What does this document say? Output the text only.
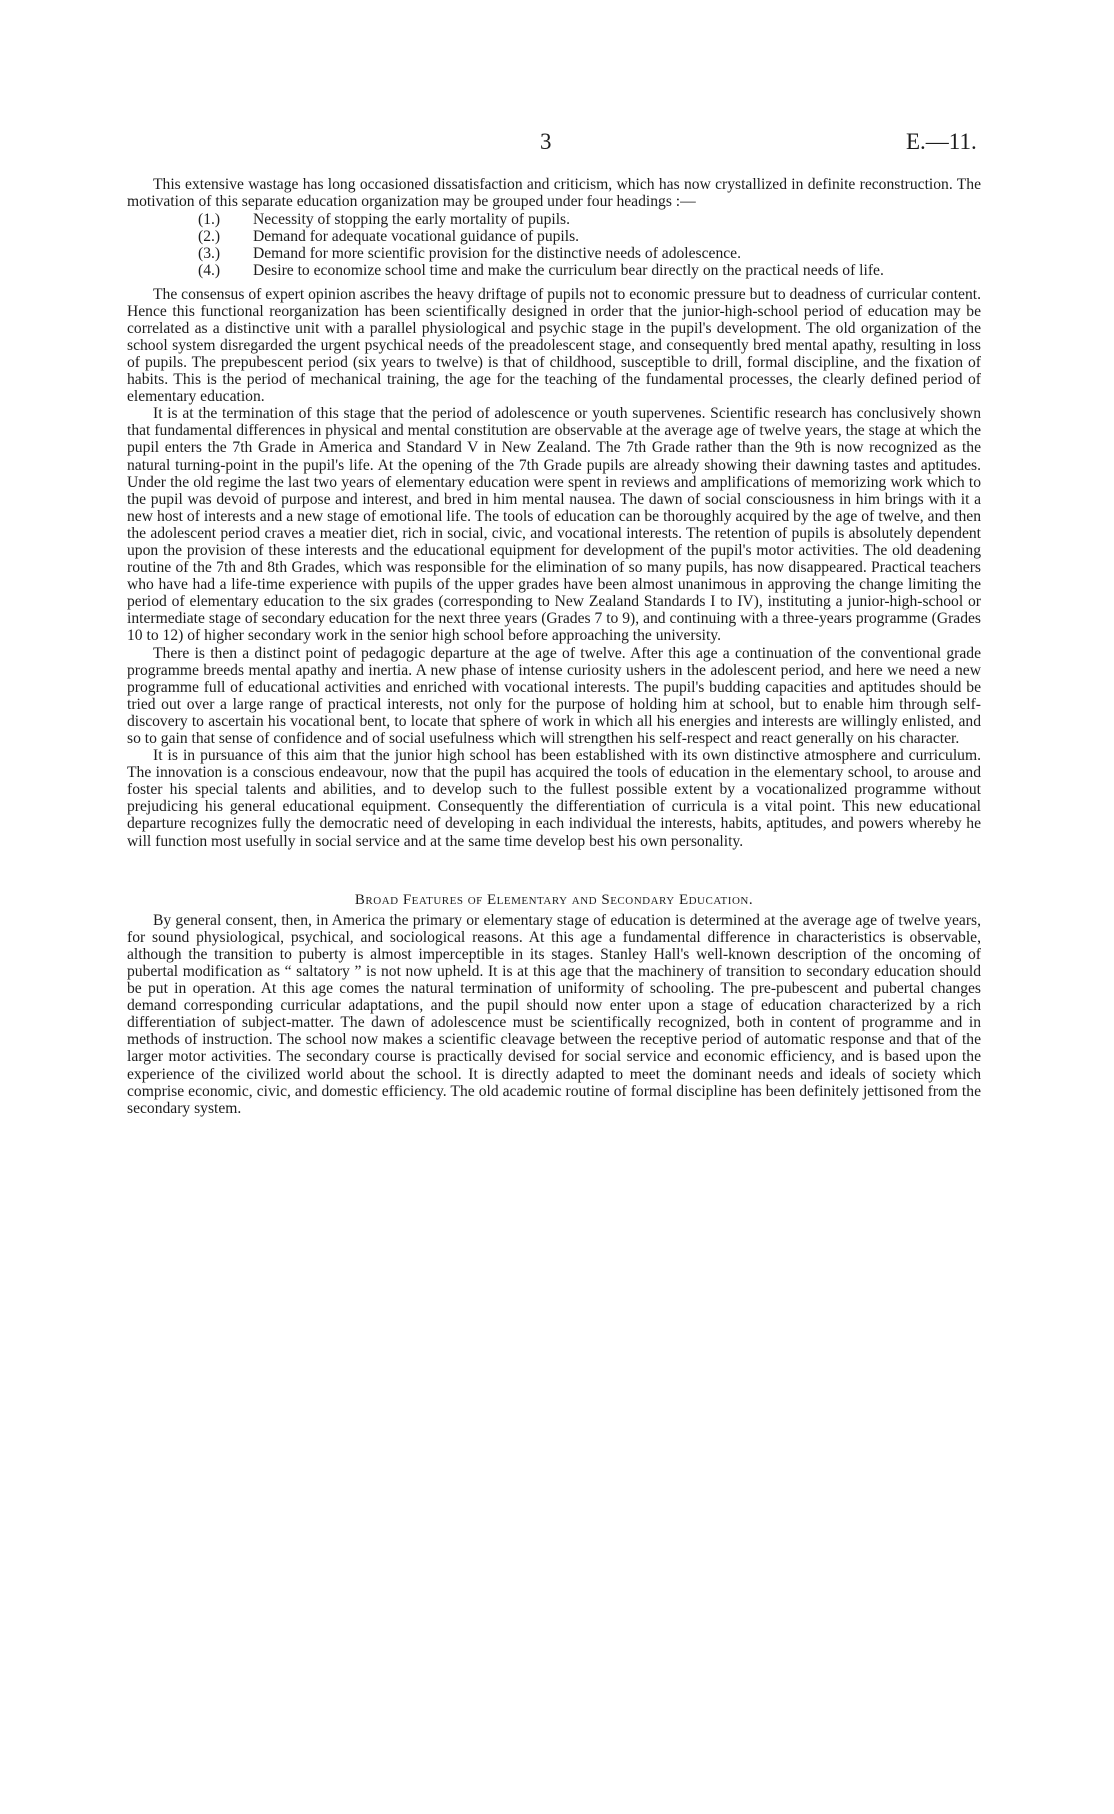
3	E.—11.

This extensive wastage has long occasioned dissatisfaction and criticism, which has now crystallized in definite reconstruction. The motivation of this separate education organization may be grouped under four headings :—

(1.) Necessity of stopping the early mortality of pupils.
(2.) Demand for adequate vocational guidance of pupils.
(3.) Demand for more scientific provision for the distinctive needs of adolescence.
(4.) Desire to economize school time and make the curriculum bear directly on the practical needs of life.

The consensus of expert opinion ascribes the heavy driftage of pupils not to economic pressure but to deadness of curricular content. Hence this functional reorganization has been scientifically designed in order that the junior-high-school period of education may be correlated as a distinctive unit with a parallel physiological and psychic stage in the pupil's development. The old organization of the school system disregarded the urgent psychical needs of the preadolescent stage, and consequently bred mental apathy, resulting in loss of pupils. The prepubescent period (six years to twelve) is that of childhood, susceptible to drill, formal discipline, and the fixation of habits. This is the period of mechanical training, the age for the teaching of the fundamental processes, the clearly defined period of elementary education.

It is at the termination of this stage that the period of adolescence or youth supervenes. Scientific research has conclusively shown that fundamental differences in physical and mental constitution are observable at the average age of twelve years, the stage at which the pupil enters the 7th Grade in America and Standard V in New Zealand. The 7th Grade rather than the 9th is now recognized as the natural turning-point in the pupil's life. At the opening of the 7th Grade pupils are already showing their dawning tastes and aptitudes. Under the old regime the last two years of elementary education were spent in reviews and amplifications of memorizing work which to the pupil was devoid of purpose and interest, and bred in him mental nausea. The dawn of social consciousness in him brings with it a new host of interests and a new stage of emotional life. The tools of education can be thoroughly acquired by the age of twelve, and then the adolescent period craves a meatier diet, rich in social, civic, and vocational interests. The retention of pupils is absolutely dependent upon the provision of these interests and the educational equipment for development of the pupil's motor activities. The old deadening routine of the 7th and 8th Grades, which was responsible for the elimination of so many pupils, has now disappeared. Practical teachers who have had a life-time experience with pupils of the upper grades have been almost unanimous in approving the change limiting the period of elementary education to the six grades (corresponding to New Zealand Standards I to IV), instituting a junior-high-school or intermediate stage of secondary education for the next three years (Grades 7 to 9), and continuing with a three-years programme (Grades 10 to 12) of higher secondary work in the senior high school before approaching the university.

There is then a distinct point of pedagogic departure at the age of twelve. After this age a continuation of the conventional grade programme breeds mental apathy and inertia. A new phase of intense curiosity ushers in the adolescent period, and here we need a new programme full of educational activities and enriched with vocational interests. The pupil's budding capacities and aptitudes should be tried out over a large range of practical interests, not only for the purpose of holding him at school, but to enable him through self-discovery to ascertain his vocational bent, to locate that sphere of work in which all his energies and interests are willingly enlisted, and so to gain that sense of confidence and of social usefulness which will strengthen his self-respect and react generally on his character.

It is in pursuance of this aim that the junior high school has been established with its own distinctive atmosphere and curriculum. The innovation is a conscious endeavour, now that the pupil has acquired the tools of education in the elementary school, to arouse and foster his special talents and abilities, and to develop such to the fullest possible extent by a vocationalized programme without prejudicing his general educational equipment. Consequently the differentiation of curricula is a vital point. This new educational departure recognizes fully the democratic need of developing in each individual the interests, habits, aptitudes, and powers whereby he will function most usefully in social service and at the same time develop best his own personality.

Broad Features of Elementary and Secondary Education.

By general consent, then, in America the primary or elementary stage of education is determined at the average age of twelve years, for sound physiological, psychical, and sociological reasons. At this age a fundamental difference in characteristics is observable, although the transition to puberty is almost imperceptible in its stages. Stanley Hall's well-known description of the oncoming of pubertal modification as “ saltatory ” is not now upheld. It is at this age that the machinery of transition to secondary education should be put in operation. At this age comes the natural termination of uniformity of schooling. The pre-pubescent and pubertal changes demand corresponding curricular adaptations, and the pupil should now enter upon a stage of education characterized by a rich differentiation of subject-matter. The dawn of adolescence must be scientifically recognized, both in content of programme and in methods of instruction. The school now makes a scientific cleavage between the receptive period of automatic response and that of the larger motor activities. The secondary course is practically devised for social service and economic efficiency, and is based upon the experience of the civilized world about the school. It is directly adapted to meet the dominant needs and ideals of society which comprise economic, civic, and domestic efficiency. The old academic routine of formal discipline has been definitely jettisoned from the secondary system.
